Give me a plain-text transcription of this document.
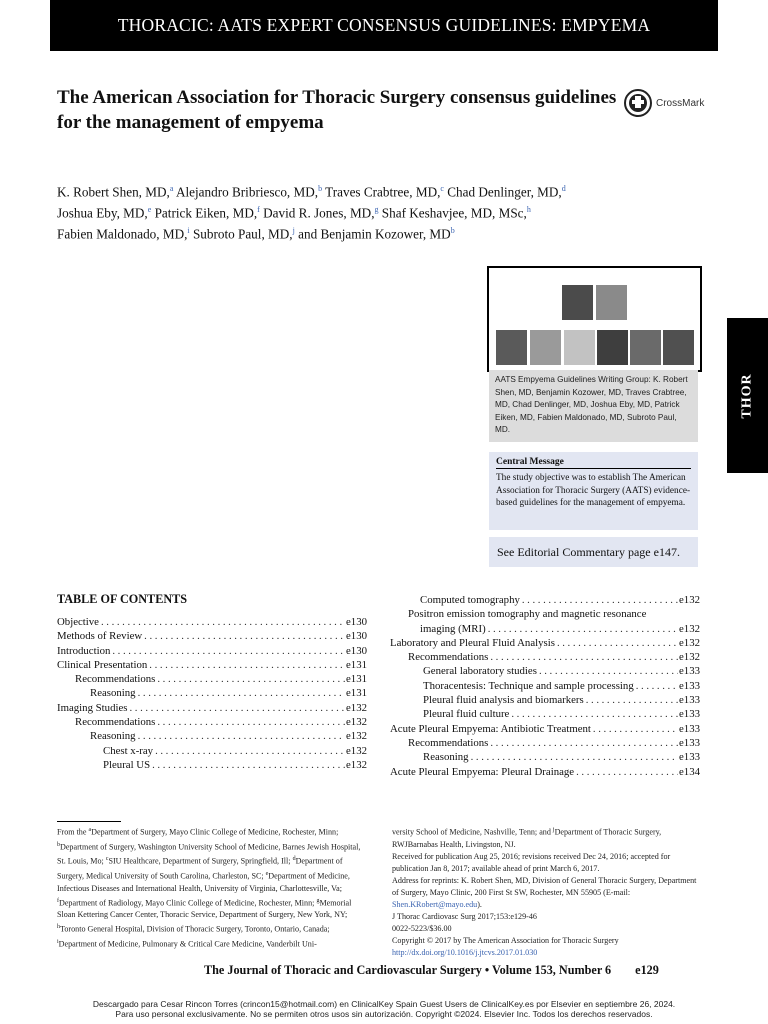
THORACIC: AATS EXPERT CONSENSUS GUIDELINES: EMPYEMA
The American Association for Thoracic Surgery consensus guidelines for the management of empyema
CrossMark
K. Robert Shen, MD,$^a$ Alejandro Bribriesco, MD,$^b$ Traves Crabtree, MD,$^c$ Chad Denlinger, MD,$^d$
Joshua Eby, MD,$^e$ Patrick Eiken, MD,$^f$ David R. Jones, MD,$^g$ Shaf Keshavjee, MD, MSc,$^h$
Fabien Maldonado, MD,$^i$ Subroto Paul, MD,$^j$ and Benjamin Kozower, $MD^b$
AATS Empyema Guidelines Writing Group: K. Robert Shen, MD, Benjamin Kozower, MD, Traves Crabtree, MD, Chad Denlinger, MD, Joshua Eby, MD, Patrick Eiken, MD, Fabien Maldonado, MD, Subroto Paul, MD.
Central Message
The study objective was to establish The American Association for Thoracic Surgery (AATS) evidence-based guidelines for the management of empyema.
See Editorial Commentary page e147.
THOR
TABLE OF CONTENTS
Objective .....	e130
Methods of Review .....	e130
Introduction .....	e130
Clinical Presentation .....	e131
Recommendations .....	e131
Reasoning .....	e131
Imaging Studies .....	e132
Recommendations .....	e132
Reasoning .....	e132
Chest x-ray .....	e132
Pleural US .....	e132
Computed tomography .....	e132
Positron emission tomography and magnetic resonance
imaging (MRI) .....	e132
Laboratory and Pleural Fluid Analysis .....	e132
Recommendations .....	e132
General laboratory studies .....	e133
Thoracentesis: Technique and sample processing .....	e133
Pleural fluid analysis and biomarkers .....	e133
Pleural fluid culture .....	e133
Acute Pleural Empyema: Antibiotic Treatment .....	e133
Recommendations .....	e133
Reasoning .....	e133
Acute Pleural Empyema: Pleural Drainage .....	e134
From the $^a$Department of Surgery, Mayo Clinic College of Medicine, Rochester, Minn; $^b$Department of Surgery, Washington University School of Medicine, Barnes Jewish Hospital, St. Louis, Mo; $^c$SIU Healthcare, Department of Surgery, Springfield, Ill; $^d$Department of Surgery, Medical University of South Carolina, Charleston, SC; $^e$Department of Medicine, Infectious Diseases and International Health, University of Virginia, Charlottesville, Va; $^f$Department of Radiology, Mayo Clinic College of Medicine, Rochester, Minn; $^g$Memorial Sloan Kettering Cancer Center, Thoracic Service, Department of Surgery, New York, NY; $^h$Toronto General Hospital, Division of Thoracic Surgery, Toronto, Ontario, Canada; $^i$Department of Medicine, Pulmonary & Critical Care Medicine, Vanderbilt Uni-
versity School of Medicine, Nashville, Tenn; and $^j$Department of Thoracic Surgery, RWJBarnabas Health, Livingston, NJ.
Received for publication Aug 25, 2016; revisions received Dec 24, 2016; accepted for publication Jan 8, 2017; available ahead of print March 6, 2017.
Address for reprints: K. Robert Shen, MD, Division of General Thoracic Surgery, Department of Surgery, Mayo Clinic, 200 First St SW, Rochester, MN 55905 (E-mail: Shen.KRobert@mayo.edu).
J Thorac Cardiovasc Surg 2017;153:e129-46
0022-5223/$36.00
Copyright © 2017 by The American Association for Thoracic Surgery
http://dx.doi.org/10.1016/j.jtcvs.2017.01.030
The Journal of Thoracic and Cardiovascular Surgery • Volume 153, Number 6 e129
Descargado para Cesar Rincon Torres (crincon15@hotmail.com) en ClinicalKey Spain Guest Users de ClinicalKey.es por Elsevier en septiembre 26, 2024.
Para uso personal exclusivamente. No se permiten otros usos sin autorización. Copyright ©2024. Elsevier Inc. Todos los derechos reservados.
